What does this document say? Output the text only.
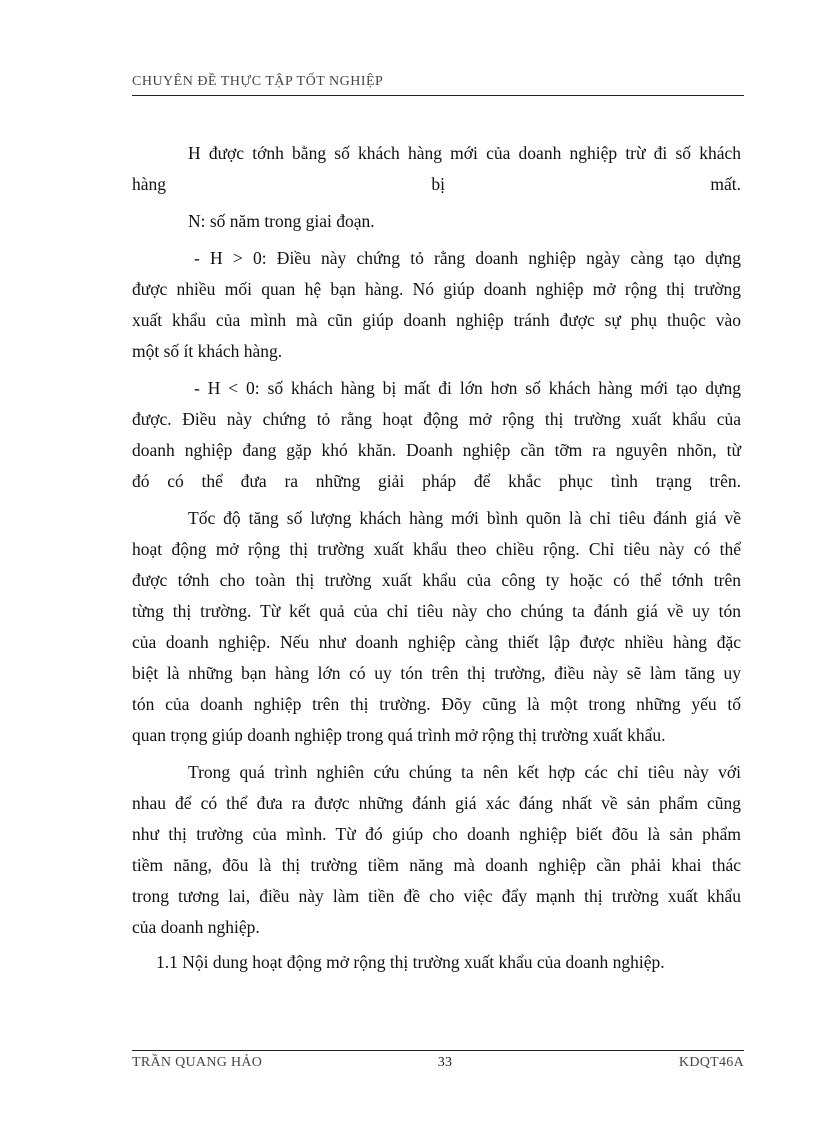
CHUYÊN ĐỀ THỰC TẬP TỐT NGHIỆP
H được tớnh bằng số khách hàng mới của doanh nghiệp trừ đi số khách
hàng bị mất.
N: số năm trong giai đoạn.
- H > 0: Điều này chứng tỏ rằng doanh nghiệp ngày càng tạo dựng
được nhiều mối quan hệ bạn hàng. Nó giúp doanh nghiệp mở rộng thị trường
xuất khẩu của mình mà cũn giúp doanh nghiệp tránh được sự phụ thuộc vào
một số ít khách hàng.
- H < 0: số khách hàng bị mất đi lớn hơn số khách hàng mới tạo dựng
được. Điều này chứng tỏ rằng hoạt động mở rộng thị trường xuất khẩu của
doanh nghiệp đang gặp khó khăn. Doanh nghiệp cần tỡm ra nguyên nhõn, từ
đó có thể đưa ra những giải pháp để khắc phục tình trạng trên.
Tốc độ tăng số lượng khách hàng mới bình quõn là chỉ tiêu đánh giá về
hoạt động mở rộng thị trường xuất khẩu theo chiều rộng. Chỉ tiêu này có thể
được tớnh cho toàn thị trường xuất khẩu của công ty hoặc có thể tớnh trên
từng thị trường. Từ kết quả của chỉ tiêu này cho chúng ta đánh giá về uy tón
của doanh nghiệp. Nếu như doanh nghiệp càng thiết lập được nhiều hàng đặc
biệt là những bạn hàng lớn có uy tón trên thị trường, điều này sẽ làm tăng uy
tón của doanh nghiệp trên thị trường. Đõy cũng là một trong những yếu tố
quan trọng giúp doanh nghiệp trong quá trình mở rộng thị trường xuất khẩu.
Trong quá trình nghiên cứu chúng ta nên kết hợp các chỉ tiêu này với
nhau để có thể đưa ra được những đánh giá xác đáng nhất về sản phẩm cũng
như thị trường của mình. Từ đó giúp cho doanh nghiệp biết đõu là sản phẩm
tiềm năng, đõu là thị trường tiềm năng mà doanh nghiệp cần phải khai thác
trong tương lai, điều này làm tiền đề cho việc đẩy mạnh thị trường xuất khẩu
của doanh nghiệp.
1.1 Nội dung hoạt động mở rộng thị trường xuất khẩu của doanh nghiệp.
TRẦN QUANG HẢO	33	KDQT46A
